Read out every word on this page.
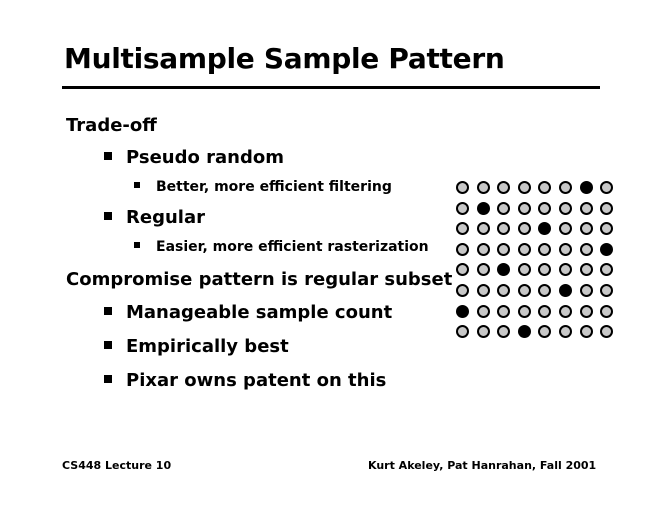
Multisample Sample Pattern
Trade-off
Pseudo random
Better, more efficient filtering
Regular
Easier, more efficient rasterization
Compromise pattern is regular subset
Manageable sample count
Empirically best
Pixar owns patent on this
CS448 Lecture 10	Kurt Akeley, Pat Hanrahan, Fall 2001
